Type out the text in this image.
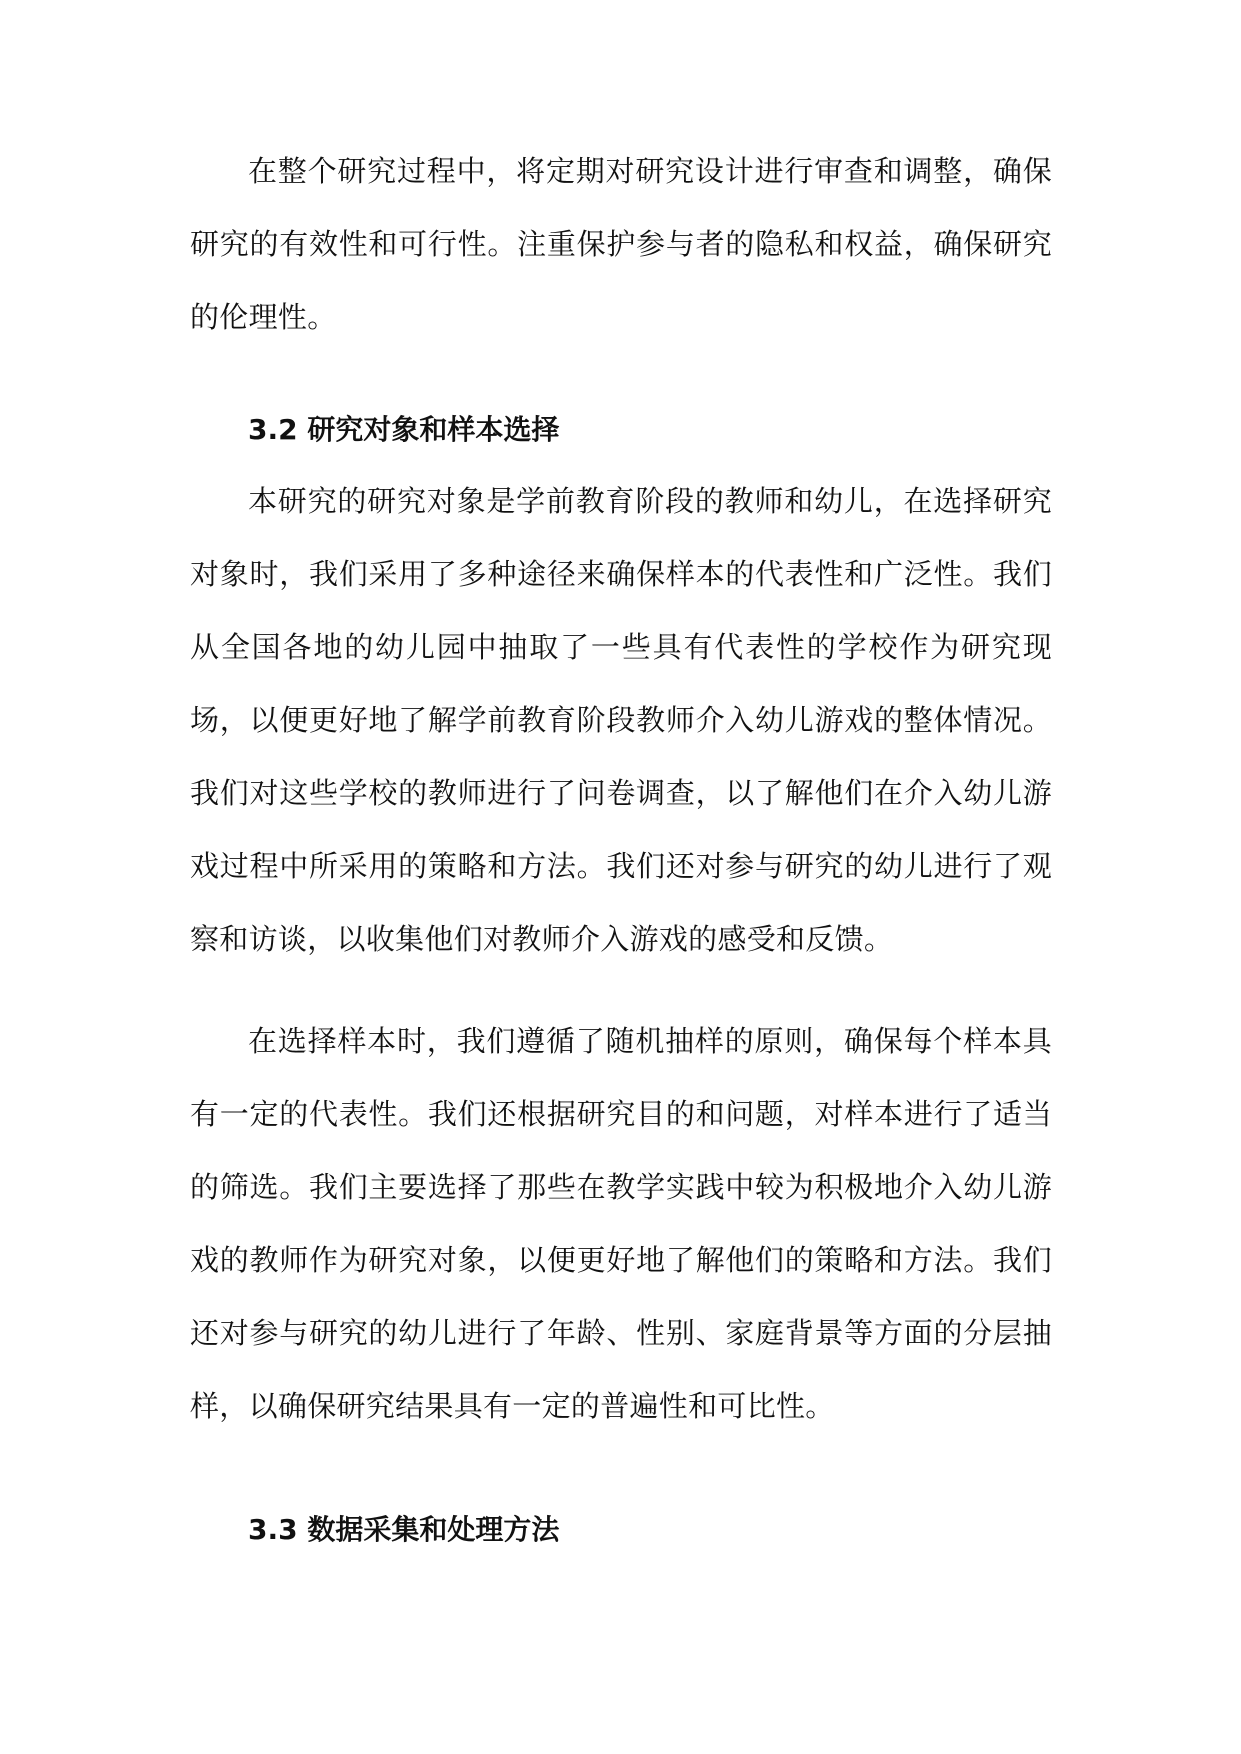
在整个研究过程中，将定期对研究设计进行审查和调整，确保研究的有效性和可行性。注重保护参与者的隐私和权益，确保研究的伦理性。

3.2 研究对象和样本选择

本研究的研究对象是学前教育阶段的教师和幼儿，在选择研究对象时，我们采用了多种途径来确保样本的代表性和广泛性。我们从全国各地的幼儿园中抽取了一些具有代表性的学校作为研究现场，以便更好地了解学前教育阶段教师介入幼儿游戏的整体情况。我们对这些学校的教师进行了问卷调查，以了解他们在介入幼儿游戏过程中所采用的策略和方法。我们还对参与研究的幼儿进行了观察和访谈，以收集他们对教师介入游戏的感受和反馈。

在选择样本时，我们遵循了随机抽样的原则，确保每个样本具有一定的代表性。我们还根据研究目的和问题，对样本进行了适当的筛选。我们主要选择了那些在教学实践中较为积极地介入幼儿游戏的教师作为研究对象，以便更好地了解他们的策略和方法。我们还对参与研究的幼儿进行了年龄、性别、家庭背景等方面的分层抽样，以确保研究结果具有一定的普遍性和可比性。

3.3 数据采集和处理方法
